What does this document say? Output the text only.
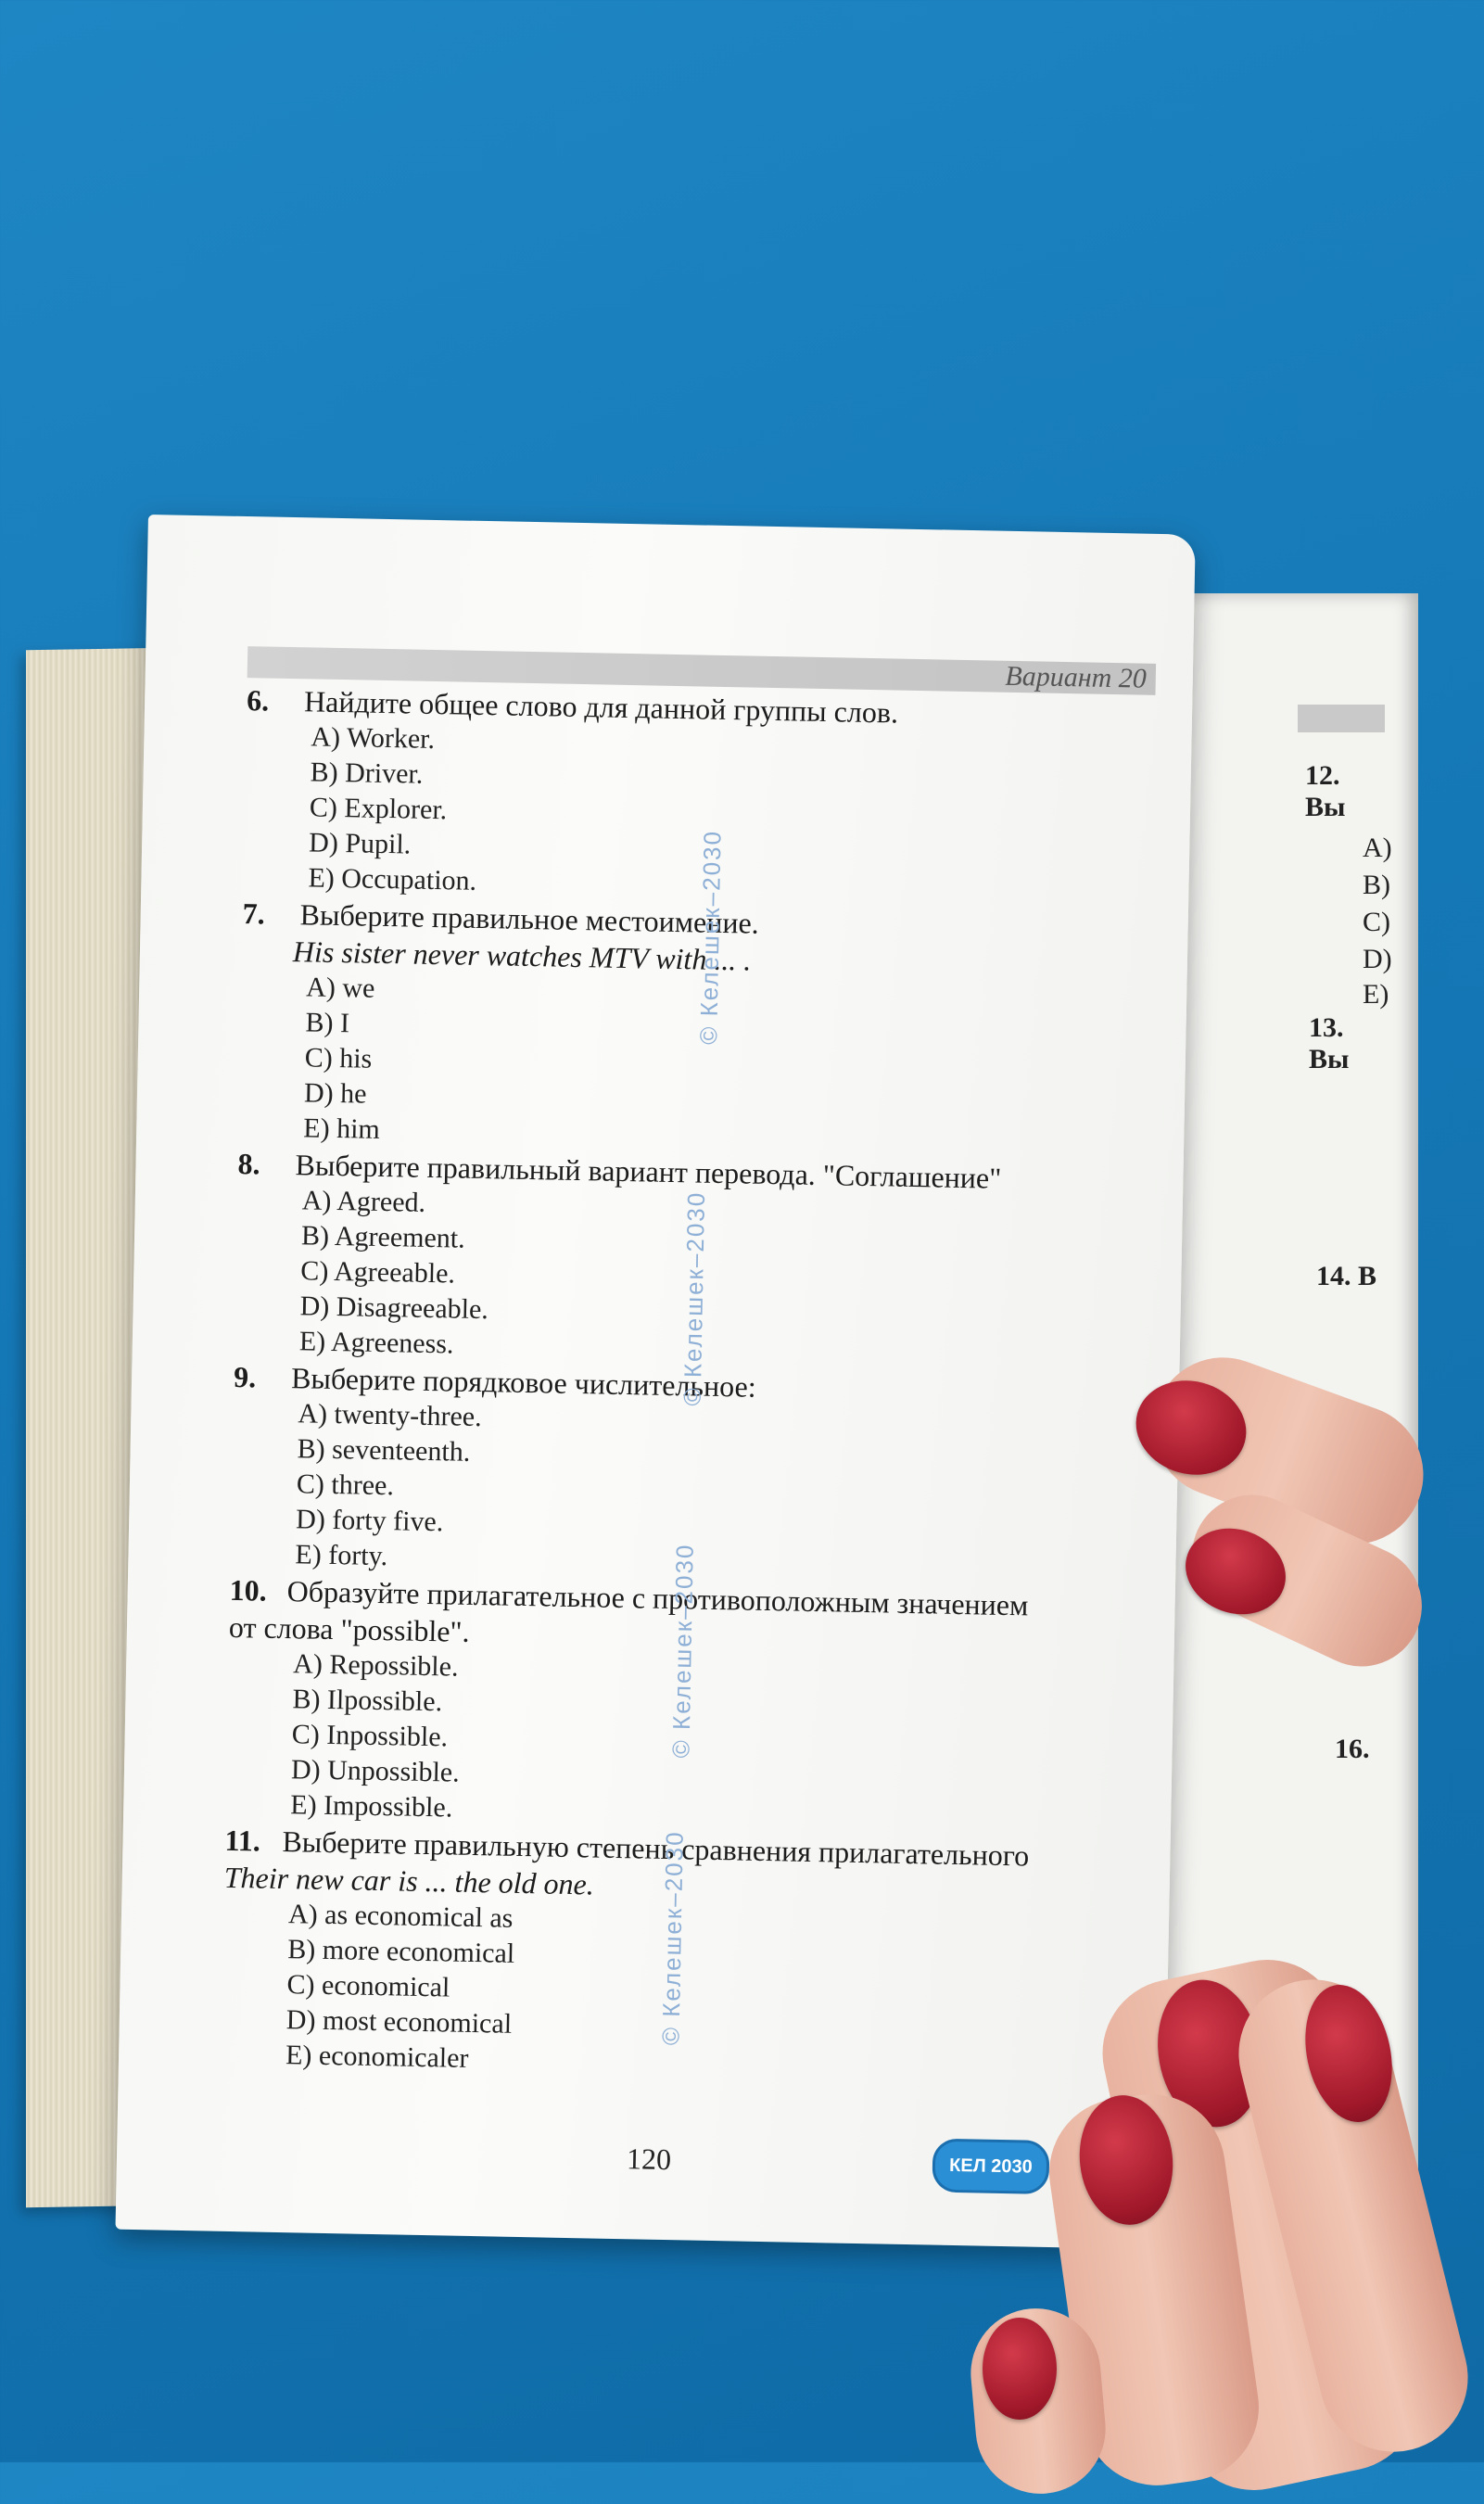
12. Вы
A)
B)
C)
D)
E)
13. Вы
14. В
16.
Вариант 20
6. Найдите общее слово для данной группы слов.
A) Worker.
B) Driver.
C) Explorer.
D) Pupil.
E) Occupation.
7. Выберите правильное местоимение.
His sister never watches MTV with ... .
A) we
B) I
C) his
D) he
E) him
8. Выберите правильный вариант перевода. "Соглашение"
A) Agreed.
B) Agreement.
C) Agreeable.
D) Disagreeable.
E) Agreeness.
9. Выберите порядковое числительное:
A) twenty-three.
B) seventeenth.
C) three.
D) forty five.
E) forty.
10. Образуйте прилагательное с противоположным значением
от слова "possible".
A) Repossible.
B) Ilpossible.
C) Inpossible.
D) Unpossible.
E) Impossible.
11. Выберите правильную степень сравнения прилагательного
Their new car is ... the old one.
A) as economical as
B) more economical
C) economical
D) most economical
E) economicaler
© Келешек–2030
© Келешек–2030
© Келешек–2030
© Келешек–2030
120	КЕЛ 2030
